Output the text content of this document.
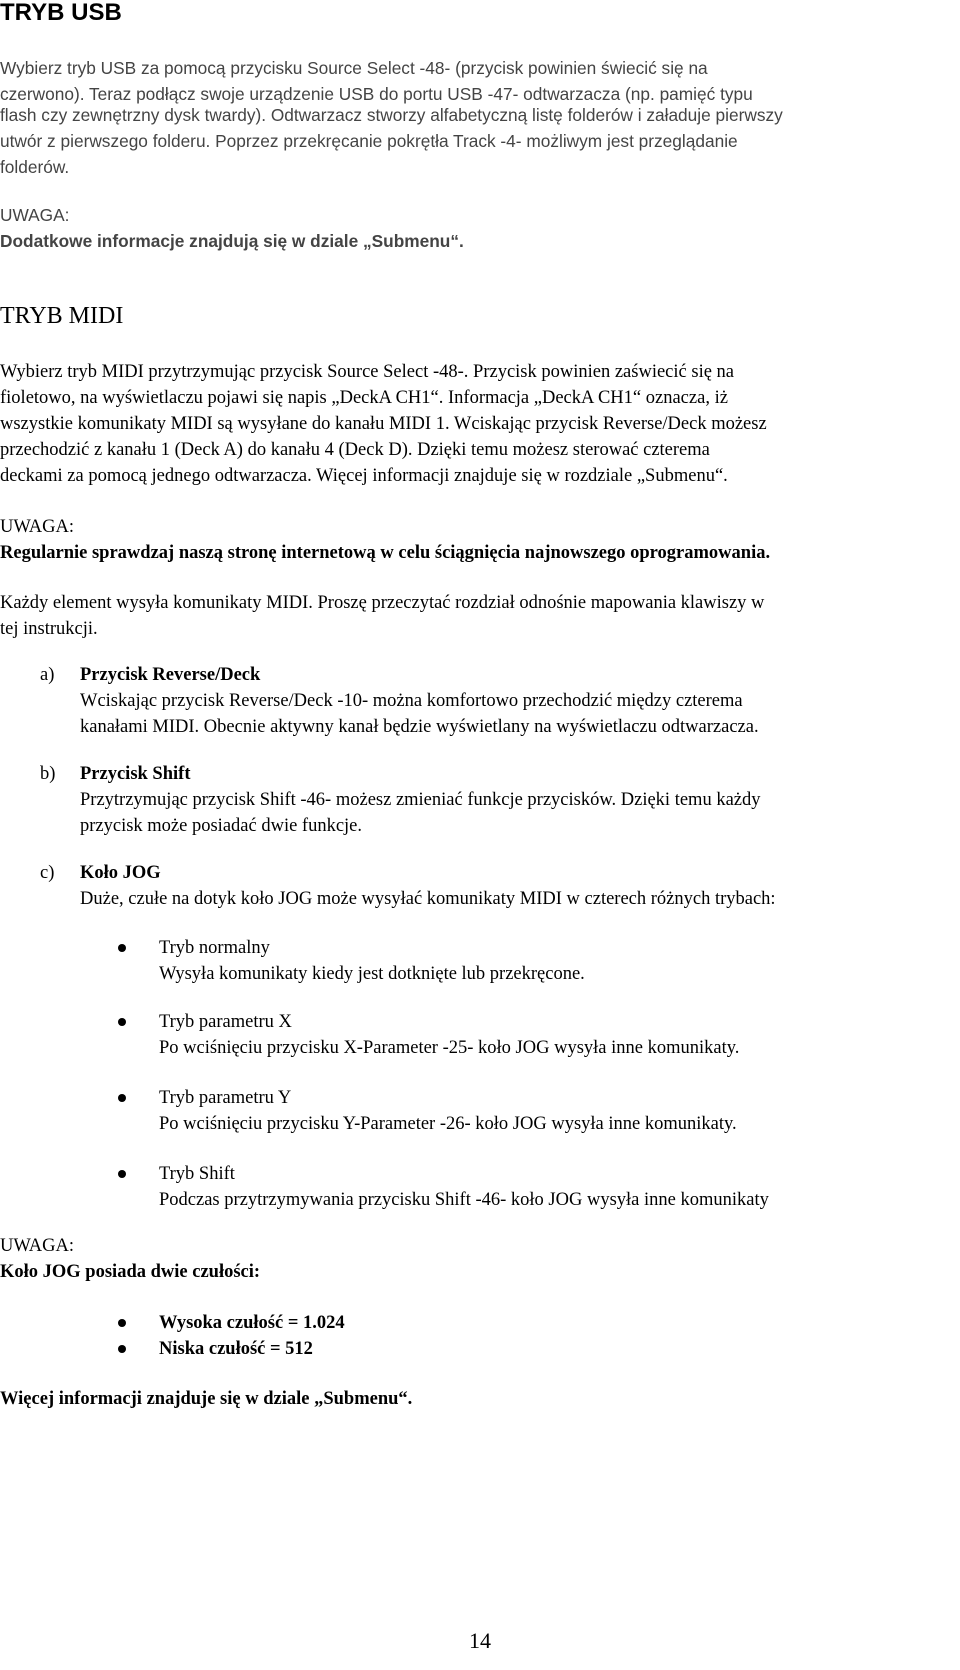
TRYB USB
Wybierz tryb USB za pomocą przycisku Source Select -48- (przycisk powinien świecić się na
czerwono). Teraz podłącz swoje urządzenie USB do portu USB -47- odtwarzacza (np. pamięć typu
flash czy zewnętrzny dysk twardy). Odtwarzacz stworzy alfabetyczną listę folderów i załaduje pierwszy
utwór z pierwszego folderu. Poprzez przekręcanie pokrętła Track -4- możliwym jest przeglądanie
folderów.
UWAGA:
Dodatkowe informacje znajdują się w dziale „Submenu“.
TRYB MIDI
Wybierz tryb MIDI przytrzymując przycisk Source Select -48-. Przycisk powinien zaświecić się na
fioletowo, na wyświetlaczu pojawi się napis „DeckA CH1“. Informacja „DeckA CH1“ oznacza, iż
wszystkie komunikaty MIDI są wysyłane do kanału MIDI 1. Wciskając przycisk Reverse/Deck możesz
przechodzić z kanału 1 (Deck A) do kanału 4 (Deck D). Dzięki temu możesz sterować czterema
deckami za pomocą jednego odtwarzacza. Więcej informacji znajduje się w rozdziale „Submenu“.
UWAGA:
Regularnie sprawdzaj naszą stronę internetową w celu ściągnięcia najnowszego oprogramowania.
Każdy element wysyła komunikaty MIDI. Proszę przeczytać rozdział odnośnie mapowania klawiszy w
tej instrukcji.
a) Przycisk Reverse/Deck
Wciskając przycisk Reverse/Deck -10- można komfortowo przechodzić między czterema
kanałami MIDI. Obecnie aktywny kanał będzie wyświetlany na wyświetlaczu odtwarzacza.
b) Przycisk Shift
Przytrzymując przycisk Shift -46- możesz zmieniać funkcje przycisków. Dzięki temu każdy
przycisk może posiadać dwie funkcje.
c) Koło JOG
Duże, czułe na dotyk koło JOG może wysyłać komunikaty MIDI w czterech różnych trybach:
Tryb normalny
Wysyła komunikaty kiedy jest dotknięte lub przekręcone.
Tryb parametru X
Po wciśnięciu przycisku X-Parameter -25- koło JOG wysyła inne komunikaty.
Tryb parametru Y
Po wciśnięciu przycisku Y-Parameter -26- koło JOG wysyła inne komunikaty.
Tryb Shift
Podczas przytrzymywania przycisku Shift -46- koło JOG wysyła inne komunikaty
UWAGA:
Koło JOG posiada dwie czułości:
Wysoka czułość = 1.024
Niska czułość = 512
Więcej informacji znajduje się w dziale „Submenu“.
14
